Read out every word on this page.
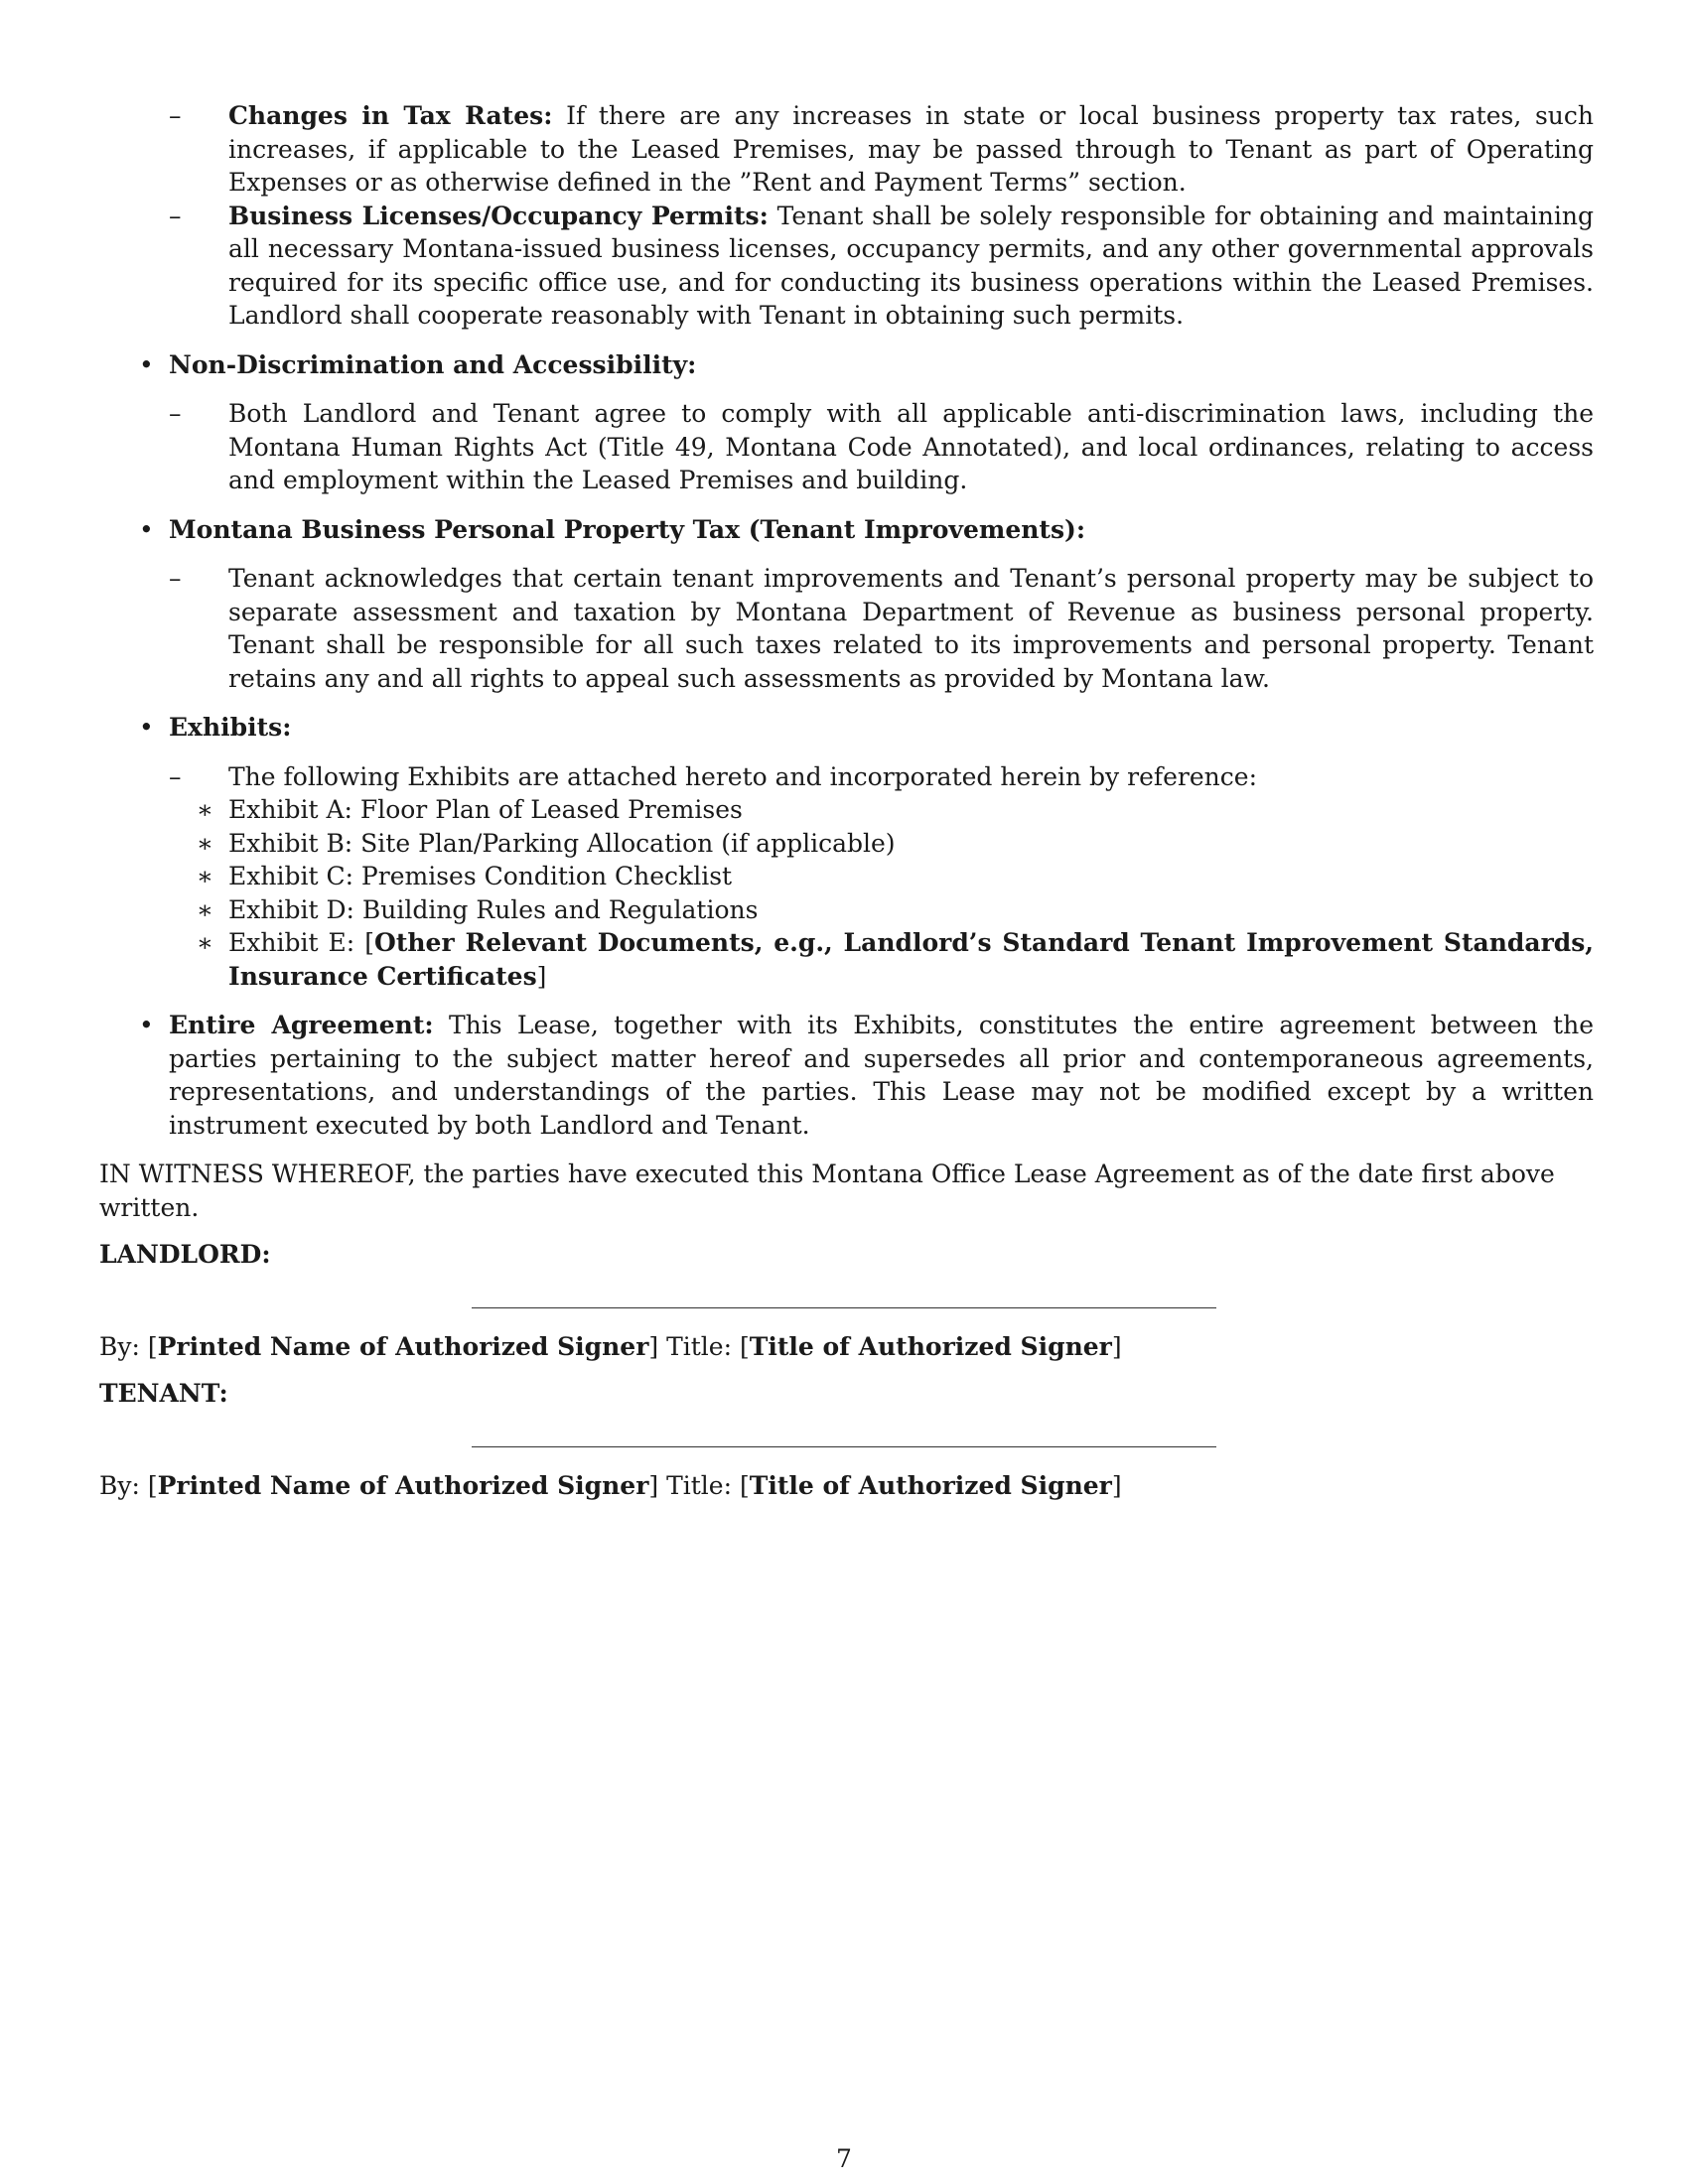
– Changes in Tax Rates: If there are any increases in state or local business property tax rates, such increases, if applicable to the Leased Premises, may be passed through to Tenant as part of Operating Expenses or as otherwise defined in the ”Rent and Payment Terms” section.
– Business Licenses/Occupancy Permits: Tenant shall be solely responsible for obtaining and maintaining all necessary Montana-issued business licenses, occupancy permits, and any other governmental approvals required for its specific office use, and for conducting its business operations within the Leased Premises. Landlord shall cooperate reasonably with Tenant in obtaining such permits.
• Non-Discrimination and Accessibility:
– Both Landlord and Tenant agree to comply with all applicable anti-discrimination laws, including the Montana Human Rights Act (Title 49, Montana Code Annotated), and local ordinances, relating to access and employment within the Leased Premises and building.
• Montana Business Personal Property Tax (Tenant Improvements):
– Tenant acknowledges that certain tenant improvements and Tenant’s personal property may be subject to separate assessment and taxation by Montana Department of Revenue as business personal property. Tenant shall be responsible for all such taxes related to its improvements and personal property. Tenant retains any and all rights to appeal such assessments as provided by Montana law.
• Exhibits:
– The following Exhibits are attached hereto and incorporated herein by reference:
∗ Exhibit A: Floor Plan of Leased Premises
∗ Exhibit B: Site Plan/Parking Allocation (if applicable)
∗ Exhibit C: Premises Condition Checklist
∗ Exhibit D: Building Rules and Regulations
∗ Exhibit E: [Other Relevant Documents, e.g., Landlord’s Standard Tenant Improvement Standards, Insurance Certificates]
• Entire Agreement: This Lease, together with its Exhibits, constitutes the entire agreement between the parties pertaining to the subject matter hereof and supersedes all prior and contemporaneous agreements, representations, and understandings of the parties. This Lease may not be modified except by a written instrument executed by both Landlord and Tenant.
IN WITNESS WHEREOF, the parties have executed this Montana Office Lease Agreement as of the date first above written.
LANDLORD:
By: [Printed Name of Authorized Signer] Title: [Title of Authorized Signer]
TENANT:
By: [Printed Name of Authorized Signer] Title: [Title of Authorized Signer]
7
